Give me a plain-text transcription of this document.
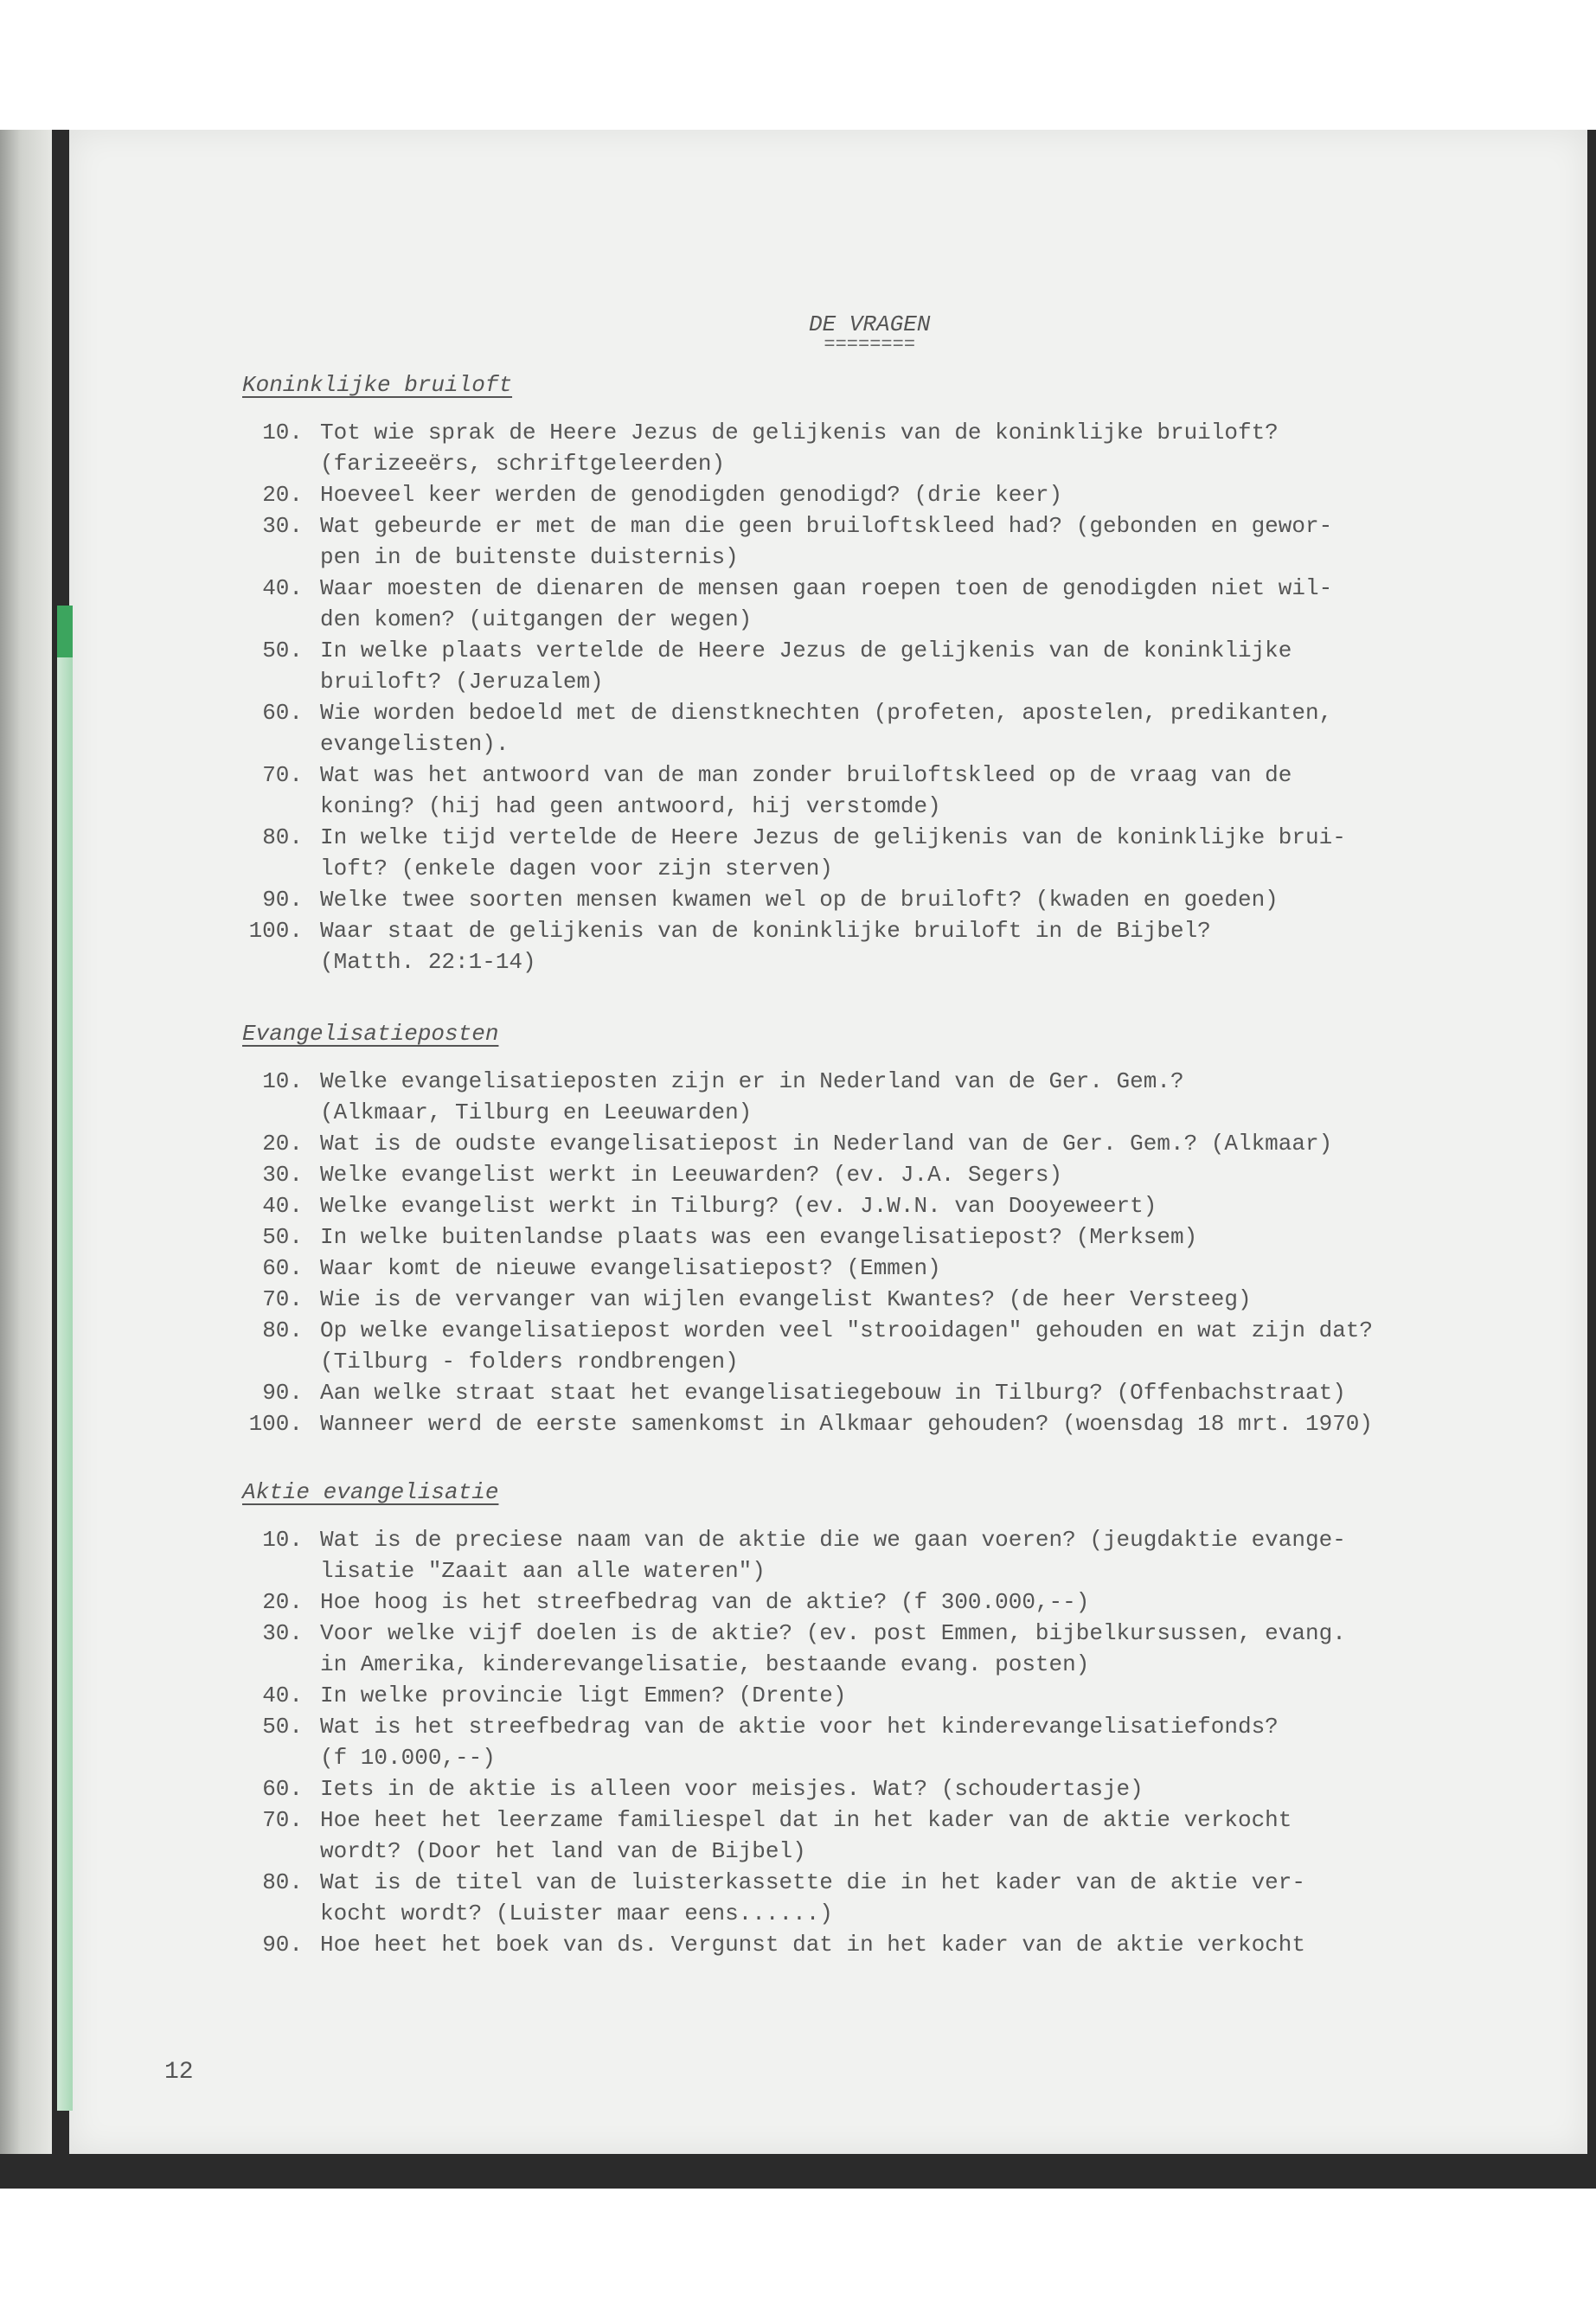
DE VRAGEN
========
Koninklijke bruiloft
10. Tot wie sprak de Heere Jezus de gelijkenis van de koninklijke bruiloft?
(farizeeërs, schriftgeleerden)
20. Hoeveel keer werden de genodigden genodigd? (drie keer)
30. Wat gebeurde er met de man die geen bruiloftskleed had? (gebonden en gewor-
pen in de buitenste duisternis)
40. Waar moesten de dienaren de mensen gaan roepen toen de genodigden niet wil-
den komen? (uitgangen der wegen)
50. In welke plaats vertelde de Heere Jezus de gelijkenis van de koninklijke
bruiloft? (Jeruzalem)
60. Wie worden bedoeld met de dienstknechten (profeten, apostelen, predikanten,
evangelisten).
70. Wat was het antwoord van de man zonder bruiloftskleed op de vraag van de
koning? (hij had geen antwoord, hij verstomde)
80. In welke tijd vertelde de Heere Jezus de gelijkenis van de koninklijke brui-
loft? (enkele dagen voor zijn sterven)
90. Welke twee soorten mensen kwamen wel op de bruiloft? (kwaden en goeden)
100. Waar staat de gelijkenis van de koninklijke bruiloft in de Bijbel?
(Matth. 22:1-14)
Evangelisatieposten
10. Welke evangelisatieposten zijn er in Nederland van de Ger. Gem.?
(Alkmaar, Tilburg en Leeuwarden)
20. Wat is de oudste evangelisatiepost in Nederland van de Ger. Gem.? (Alkmaar)
30. Welke evangelist werkt in Leeuwarden? (ev. J.A. Segers)
40. Welke evangelist werkt in Tilburg? (ev. J.W.N. van Dooyeweert)
50. In welke buitenlandse plaats was een evangelisatiepost? (Merksem)
60. Waar komt de nieuwe evangelisatiepost? (Emmen)
70. Wie is de vervanger van wijlen evangelist Kwantes? (de heer Versteeg)
80. Op welke evangelisatiepost worden veel "strooidagen" gehouden en wat zijn dat?
(Tilburg - folders rondbrengen)
90. Aan welke straat staat het evangelisatiegebouw in Tilburg? (Offenbachstraat)
100. Wanneer werd de eerste samenkomst in Alkmaar gehouden? (woensdag 18 mrt. 1970)
Aktie evangelisatie
10. Wat is de preciese naam van de aktie die we gaan voeren? (jeugdaktie evange-
lisatie "Zaait aan alle wateren")
20. Hoe hoog is het streefbedrag van de aktie? (f 300.000,--)
30. Voor welke vijf doelen is de aktie? (ev. post Emmen, bijbelkursussen, evang.
in Amerika, kinderevangelisatie, bestaande evang. posten)
40. In welke provincie ligt Emmen? (Drente)
50. Wat is het streefbedrag van de aktie voor het kinderevangelisatiefonds?
(f 10.000,--)
60. Iets in de aktie is alleen voor meisjes. Wat? (schoudertasje)
70. Hoe heet het leerzame familiespel dat in het kader van de aktie verkocht
wordt? (Door het land van de Bijbel)
80. Wat is de titel van de luisterkassette die in het kader van de aktie ver-
kocht wordt? (Luister maar eens......)
90. Hoe heet het boek van ds. Vergunst dat in het kader van de aktie verkocht
12
